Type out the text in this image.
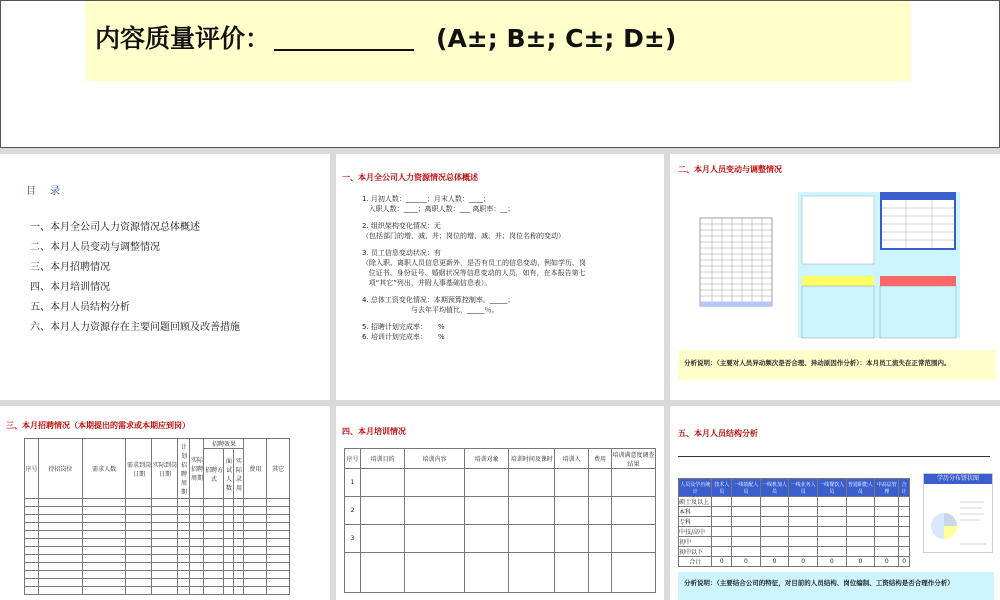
内容质量评价：	(A±; B±; C±; D±)
目　录
一、本月全公司人力资源情况总体概述
二、本月人员变动与调整情况
三、本月招聘情况
四、本月培训情况
五、本月人员结构分析
六、本月人力资源存在主要问题回顾及改善措施
一、本月全公司人力资源情况总体概述
1. 月初人数：______；月末人数：____；
入职人数：____；离职人数：___ 离职率：__；
2. 组织架构变化情况：无
（包括部门的增、减、并；岗位的增、减、并；岗位名称的变动）
3. 员工信息变动状况：有
（除入职、离职人员信息更新外，是否有员工的信息变动，例如学历、岗
位证书、身份证号、婚姻状况等信息变动的人员，如有，在本报告第七
项“其它”列出，并附人事基础信息表）。
4. 总体工资变化情况：本期预算控制率。_____；
与去年平均值比，_____％。
5. 招聘计划完成率：     %
6. 培训计划完成率：     %
二、本月人员变动与调整情况
分析说明：（主要对人员异动频次是否合理、异动原因作分析）：本月员工流失在正常范围内。
三、本月招聘情况（本期提出的需求或本期应到岗）
序号	待招岗位	需求人数	需求到岗日期	实际到岗日期	计划招聘周期	实际招聘周期	招聘效果			费用	其它
							招聘方式	面试人数	实际录用		

四、本月培训情况
序号	培训目的	培训内容	培训对象	培训时间及课时	培训人	费用	培训满意度调查结果
1							
2							
3							

五、本月人员结构分析
人员及学历统计	技术人员	一线装配人员	一线机加人员	一线业务人员	一线餐饮人员	普通职能人员	中高层管理	合计
硕士及以上								
本科								
专科								
中技/高中								
初中								
初中以下								
合计	0	0	0	0	0	0	0	0
学历分布饼状图
分析说明：（主要结合公司的特征，对目前的人员结构、岗位编制、工资结构是否合理作分析）
